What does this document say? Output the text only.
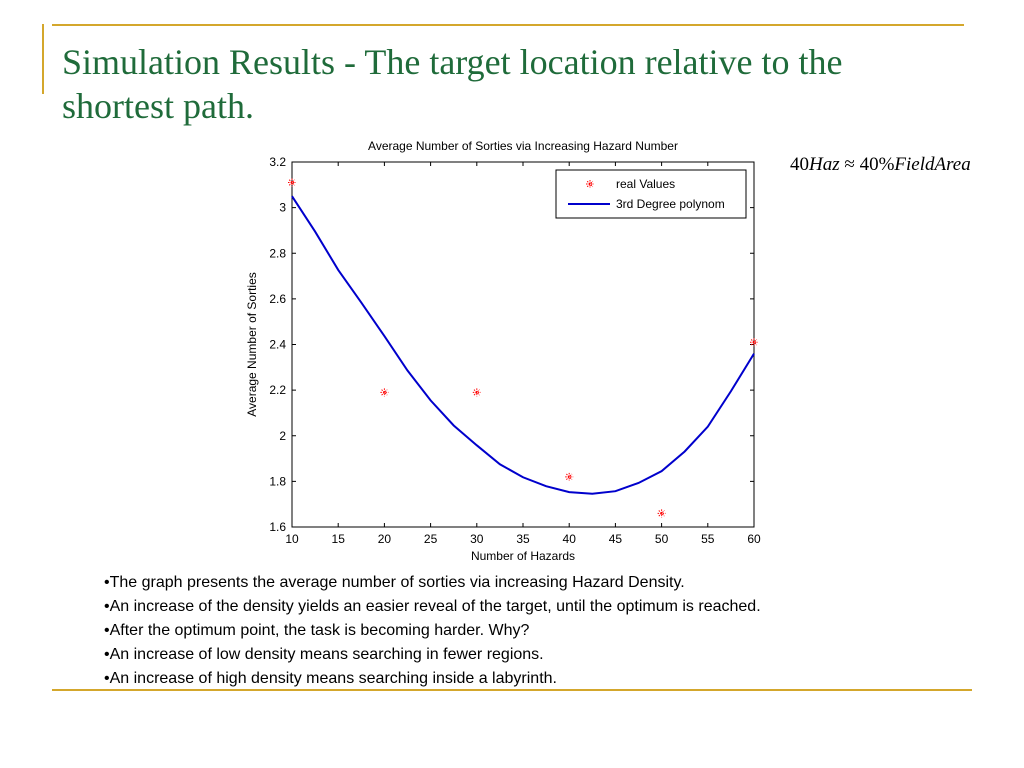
Simulation Results - The target location relative to the shortest path.
40Haz ≈ 40%FieldArea
Average Number of Sorties via Increasing Hazard Number
10	15	20	25	30	35	40	45	50	55	60
1.6
1.8
2
2.2
2.4
2.6
2.8
3
3.2
Number of Hazards
Average Number of Sorties
real Values
3rd Degree polynom
• The graph presents the average number of sorties via increasing Hazard Density.
• An increase of the density yields an easier reveal of the target, until the optimum is reached.
• After the optimum point, the task is becoming harder. Why?
• An increase of low density means searching in fewer regions.
• An increase of high density means searching inside a labyrinth.
